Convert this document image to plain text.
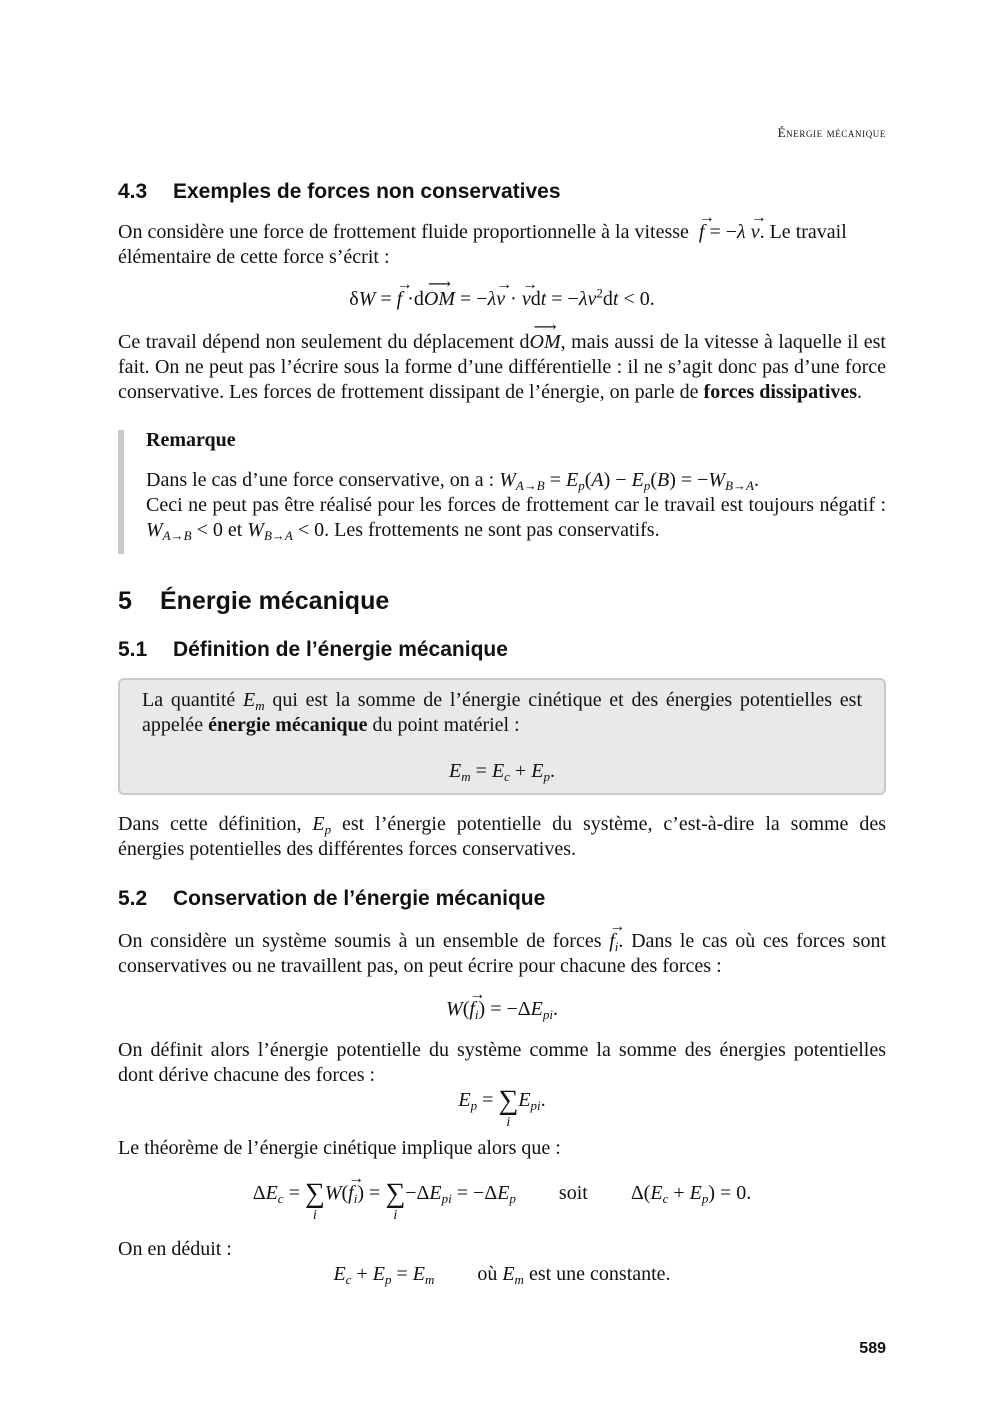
Énergie mécanique
4.3 Exemples de forces non conservatives
On considère une force de frottement fluide proportionnelle à la vitesse → f = −λ → v. Le travail
élémentaire de cette force s’écrit :
δW = → f ·d⟶ OM = −λ→ v · → vdt = $-\lambda v^2dt < 0$.
Ce travail dépend non seulement du déplacement d⟶ OM, mais aussi de la vitesse à laquelle il est fait. On ne peut pas l’écrire sous la forme d’une différentielle : il ne s’agit donc pas d’une force conservative. Les forces de frottement dissipant de l’énergie, on parle de forces dissipatives.
Remarque
Dans le cas d’une force conservative, on a : $W_{A\to B} = E_p(A) - E_p(B) = -W_{B\to A}$.
Ceci ne peut pas être réalisé pour les forces de frottement car le travail est toujours négatif : $W_{A\to B} < 0$ et $W_{B\to A} < 0$. Les frottements ne sont pas conservatifs.
5 Énergie mécanique
5.1 Définition de l’énergie mécanique
La quantité $E_m$ qui est la somme de l’énergie cinétique et des énergies potentielles est appelée énergie mécanique du point matériel :
$E_m = E_c + E_p$.
Dans cette définition, $E_p$ est l’énergie potentielle du système, c’est-à-dire la somme des énergies potentielles des différentes forces conservatives.
5.2 Conservation de l’énergie mécanique
On considère un système soumis à un ensemble de forces → $f_i$. Dans le cas où ces forces sont conservatives ou ne travaillent pas, on peut écrire pour chacune des forces :
$W(\to f_i) = -\Delta E_{pi}$.
On définit alors l’énergie potentielle du système comme la somme des énergies potentielles dont dérive chacune des forces :
$E_p$ = ∑
i
$E_{pi}$.
Le théorème de l’énergie cinétique implique alors que :
$\Delta E_c$ = ∑
i
$W(\to f_i)$ = ∑
i
$-\Delta E_{pi} = -\Delta E_p$ soit $\Delta(E_c + E_p) = 0$.
On en déduit :
$E_c + E_p = E_m$ où $E_m$ est une constante.
589
